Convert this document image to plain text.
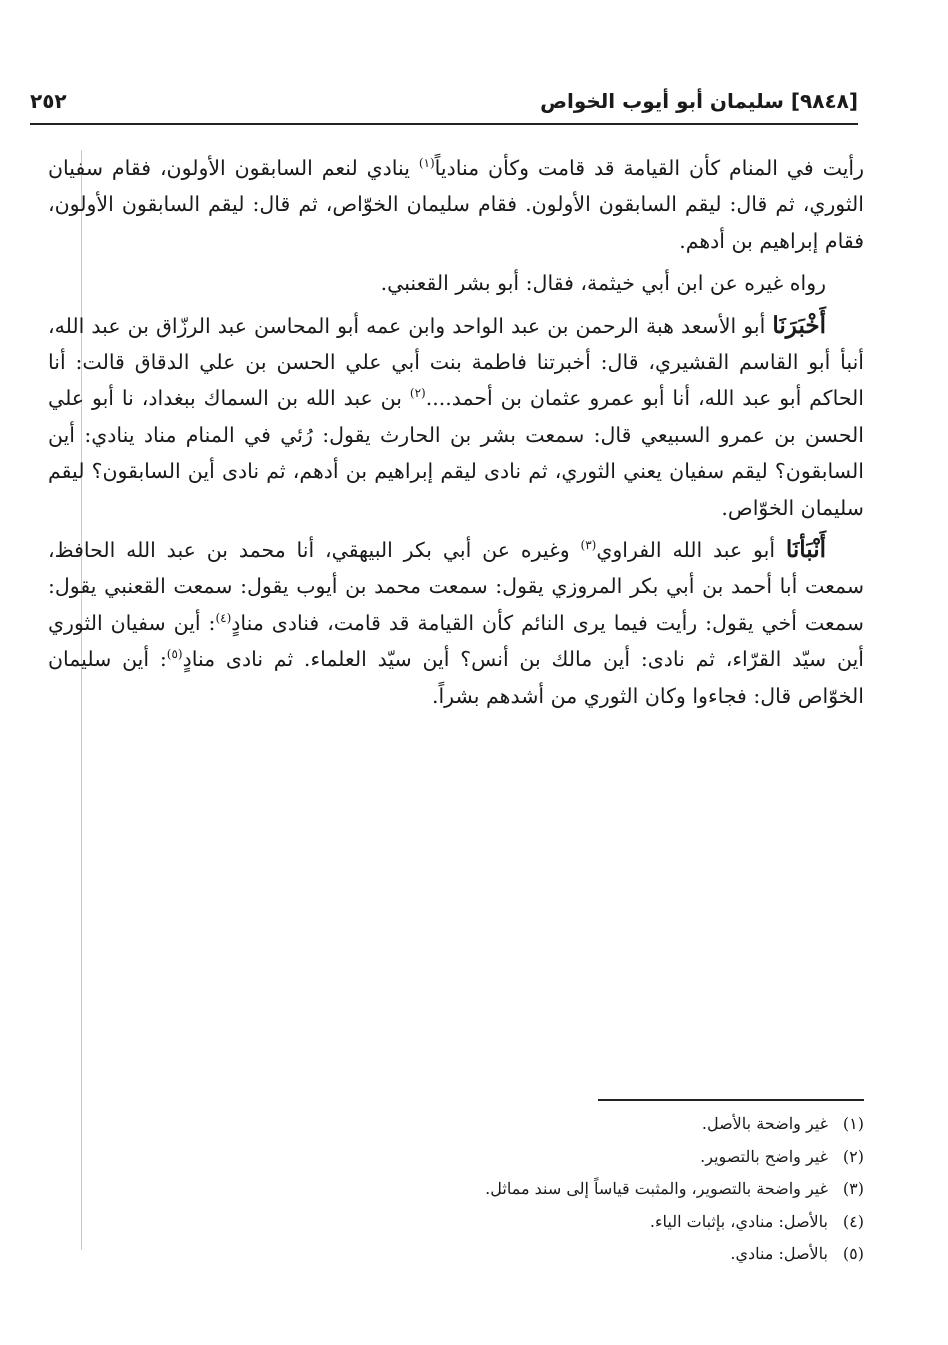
[٩٨٤٨] سليمان أبو أيوب الخواص
٢٥٢

رأيت في المنام كأن القيامة قد قامت وكأن منادياً$^{(١)}$ ينادي لنعم السابقون الأولون، فقام سفيان الثوري، ثم قال: ليقم السابقون الأولون. فقام سليمان الخوّاص، ثم قال: ليقم السابقون الأولون، فقام إبراهيم بن أدهم.

رواه غيره عن ابن أبي خيثمة، فقال: أبو بشر القعنبي.

أَخْبَرَنَا أبو الأسعد هبة الرحمن بن عبد الواحد وابن عمه أبو المحاسن عبد الرزّاق بن عبد الله، أنبأ أبو القاسم القشيري، قال: أخبرتنا فاطمة بنت أبي علي الحسن بن علي الدقاق قالت: أنا الحاكم أبو عبد الله، أنا أبو عمرو عثمان بن أحمد....$^{(٢)}$ بن عبد الله بن السماك ببغداد، نا أبو علي الحسن بن عمرو السبيعي قال: سمعت بشر بن الحارث يقول: رُئي في المنام مناد ينادي: أين السابقون؟ ليقم سفيان يعني الثوري، ثم نادى ليقم إبراهيم بن أدهم، ثم نادى أين السابقون؟ ليقم سليمان الخوّاص.

أَنْبَأنَا أبو عبد الله الفراوي$^{(٣)}$ وغيره عن أبي بكر البيهقي، أنا محمد بن عبد الله الحافظ، سمعت أبا أحمد بن أبي بكر المروزي يقول: سمعت محمد بن أيوب يقول: سمعت القعنبي يقول: سمعت أخي يقول: رأيت فيما يرى النائم كأن القيامة قد قامت، فنادى منادٍ$^{(٤)}$: أين سفيان الثوري أين سيّد القرّاء، ثم نادى: أين مالك بن أنس؟ أين سيّد العلماء. ثم نادى منادٍ$^{(٥)}$: أين سليمان الخوّاص قال: فجاءوا وكان الثوري من أشدهم بشراً.

(١)
غير واضحة بالأصل.
(٢)
غير واضح بالتصوير.
(٣)
غير واضحة بالتصوير، والمثبت قياساً إلى سند مماثل.
(٤)
بالأصل: منادي، بإثبات الياء.
(٥)
بالأصل: منادي.
